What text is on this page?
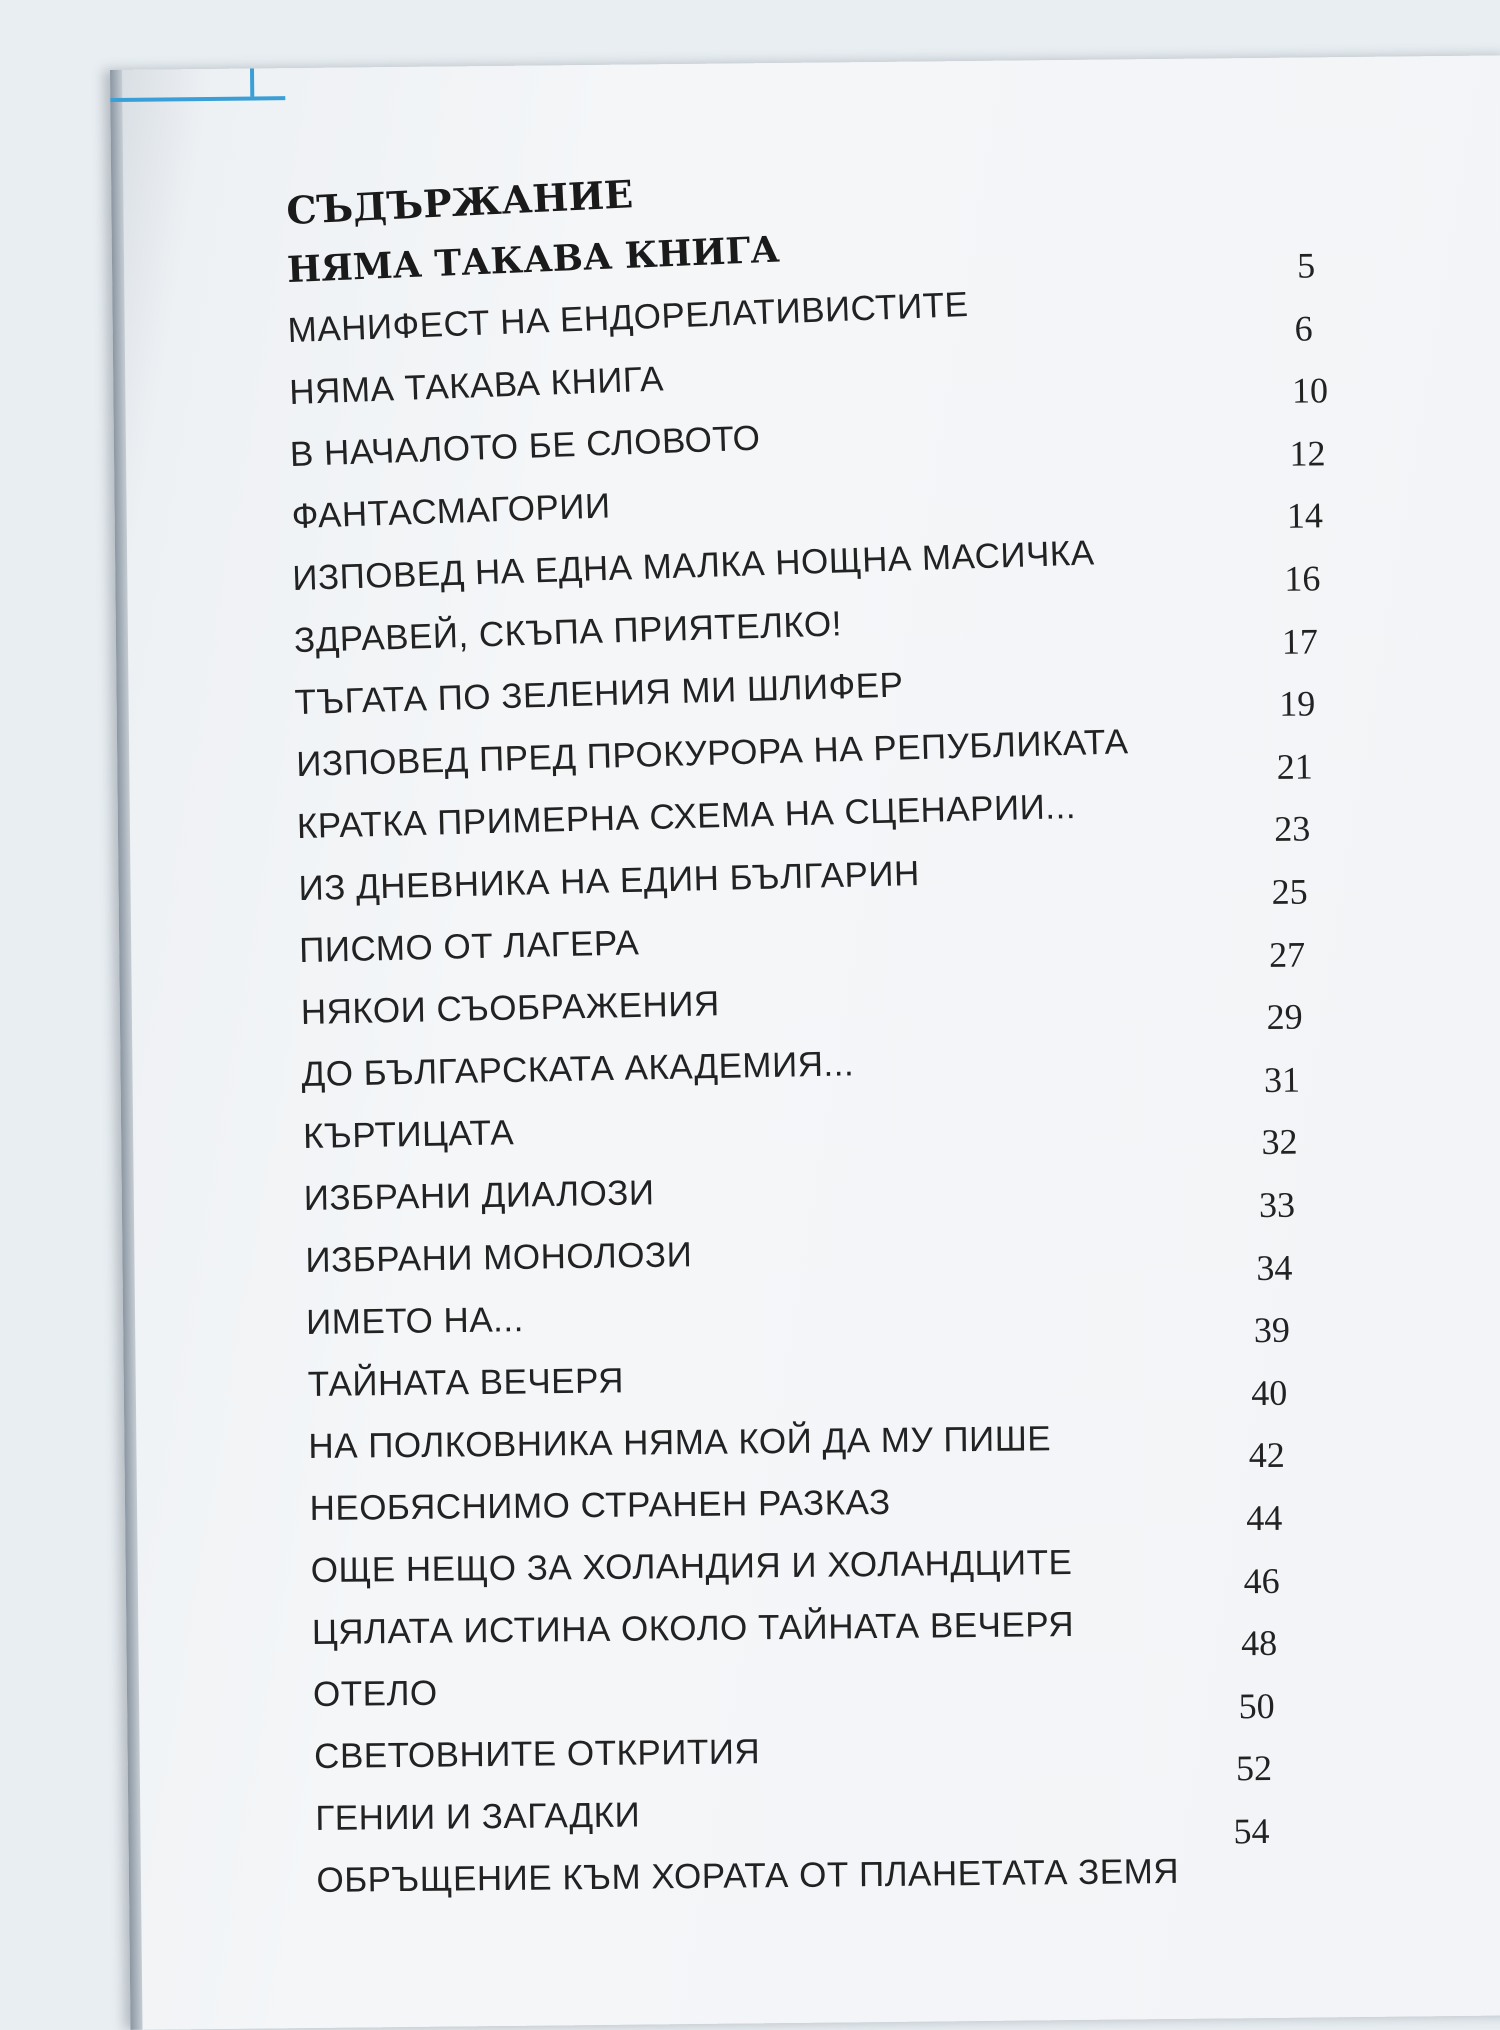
СЪДЪРЖАНИЕ
НЯМА ТАКАВА КНИГА
МАНИФЕСТ НА ЕНДОРЕЛАТИВИСТИТЕ
5
НЯМА ТАКАВА КНИГА
6
В НАЧАЛОТО БЕ СЛОВОТО
10
ФАНТАСМАГОРИИ
12
ИЗПОВЕД НА ЕДНА МАЛКА НОЩНА МАСИЧКА
14
ЗДРАВЕЙ, СКЪПА ПРИЯТЕЛКО!
16
ТЪГАТА ПО ЗЕЛЕНИЯ МИ ШЛИФЕР
17
ИЗПОВЕД ПРЕД ПРОКУРОРА НА РЕПУБЛИКАТА
19
КРАТКА ПРИМЕРНА СХЕМА НА СЦЕНАРИИ...
21
ИЗ ДНЕВНИКА НА ЕДИН БЪЛГАРИН
23
ПИСМО ОТ ЛАГЕРА
25
НЯКОИ СЪОБРАЖЕНИЯ
27
ДО БЪЛГАРСКАТА АКАДЕМИЯ...
29
КЪРТИЦАТА
31
ИЗБРАНИ ДИАЛОЗИ
32
ИЗБРАНИ МОНОЛОЗИ
33
ИМЕТО НА...
34
ТАЙНАТА ВЕЧЕРЯ
39
НА ПОЛКОВНИКА НЯМА КОЙ ДА МУ ПИШЕ
40
НЕОБЯСНИМО СТРАНЕН РАЗКАЗ
42
ОЩЕ НЕЩО ЗА ХОЛАНДИЯ И ХОЛАНДЦИТЕ
44
ЦЯЛАТА ИСТИНА ОКОЛО ТАЙНАТА ВЕЧЕРЯ
46
ОТЕЛО
48
СВЕТОВНИТЕ ОТКРИТИЯ
50
ГЕНИИ И ЗАГАДКИ
52
ОБРЪЩЕНИЕ КЪМ ХОРАТА ОТ ПЛАНЕТАТА ЗЕМЯ
54
